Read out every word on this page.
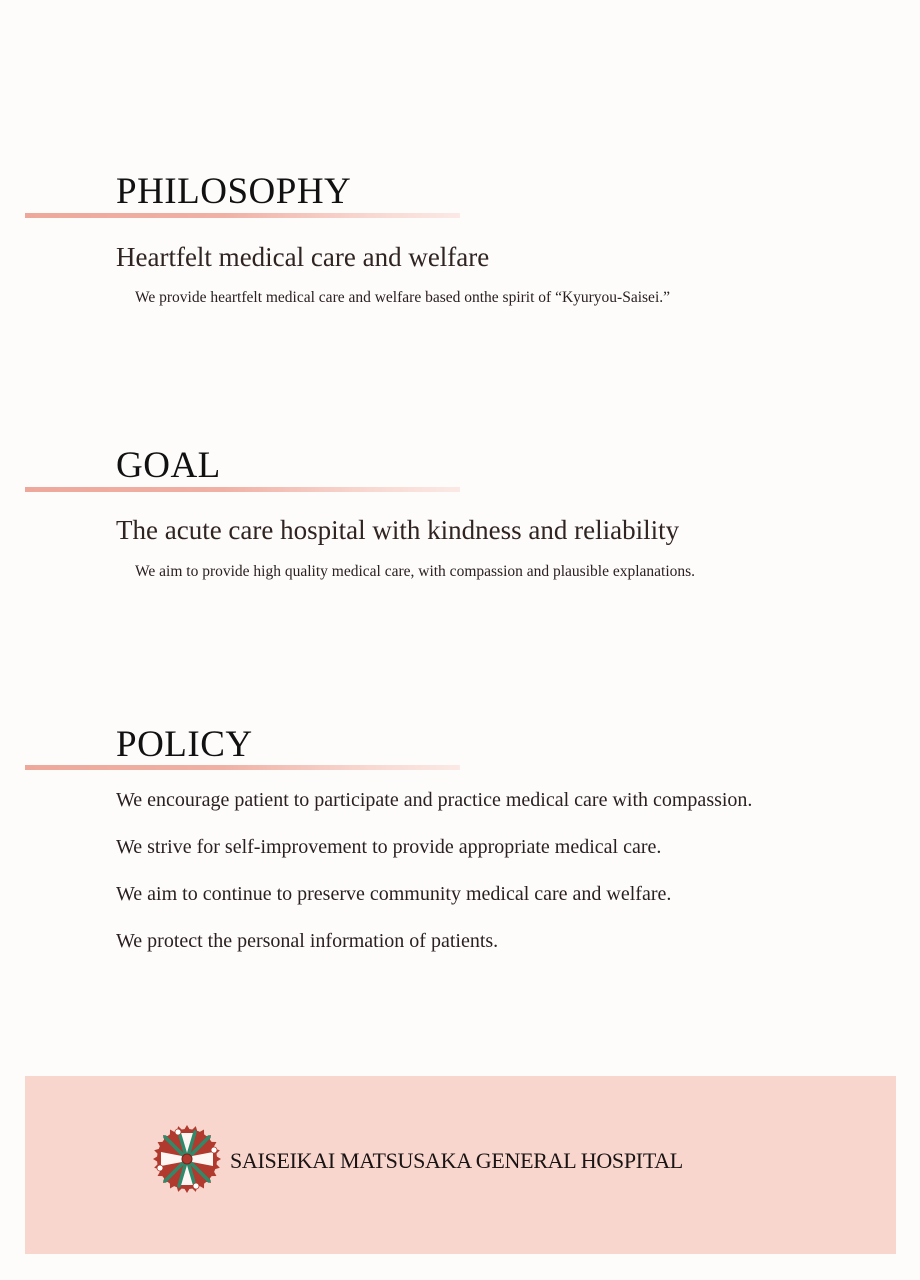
PHILOSOPHY
Heartfelt medical care and welfare

We provide heartfelt medical care and welfare based onthe spirit of “Kyuryou-Saisei.”

GOAL
The acute care hospital with kindness and reliability

We aim to provide high quality medical care, with compassion and plausible explanations.

POLICY
We encourage patient to participate and practice medical care with compassion.
We strive for self-improvement to provide appropriate medical care.
We aim to continue to preserve community medical care and welfare.
We protect the personal information of patients.

SAISEIKAI MATSUSAKA GENERAL HOSPITAL
